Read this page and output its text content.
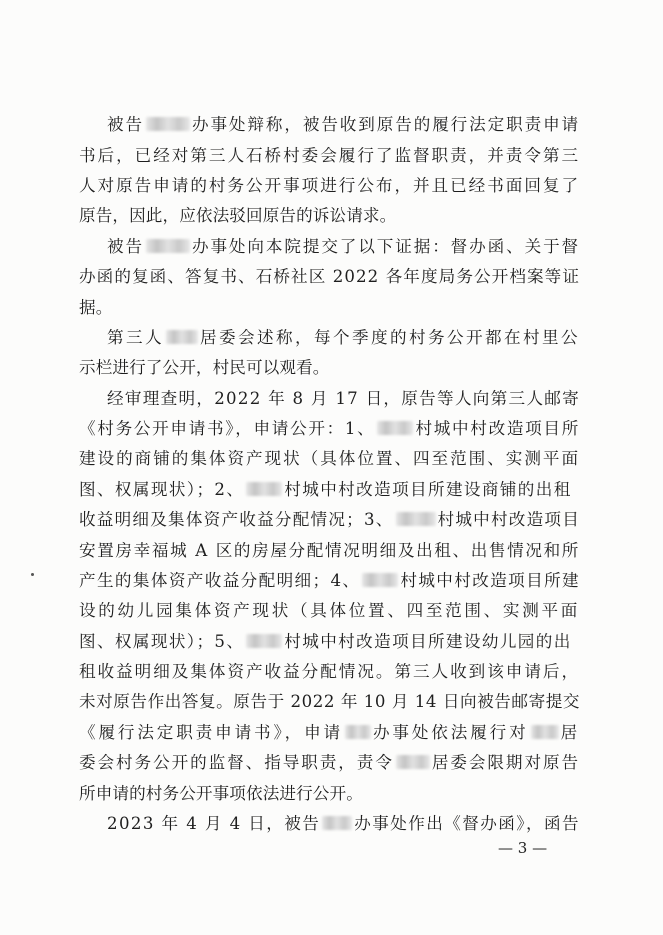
被告	办事处辩称，被告收到原告的履行法定职责申请
书后，已经对第三人石桥村委会履行了监督职责，并责令第三
人对原告申请的村务公开事项进行公布，并且已经书面回复了
原告，因此，应依法驳回原告的诉讼请求。
被告	办事处向本院提交了以下证据：督办函、关于督
办函的复函、答复书、石桥社区 2022 各年度局务公开档案等证
据。
第三人 居委会述称，每个季度的村务公开都在村里公
示栏进行了公开，村民可以观看。
经审理查明，2022 年 8 月 17 日，原告等人向第三人邮寄
《村务公开申请书》，申请公开：1、 村城中村改造项目所
建设的商铺的集体资产现状（具体位置、四至范围、实测平面
图、权属现状）；2、 村城中村改造项目所建设商铺的出租
收益明细及集体资产收益分配情况；3、	村城中村改造项目
安置房幸福城 A 区的房屋分配情况明细及出租、出售情况和所
产生的集体资产收益分配明细；4、 村城中村改造项目所建
设的幼儿园集体资产现状（具体位置、四至范围、实测平面
图、权属现状）；5、 村城中村改造项目所建设幼儿园的出
租收益明细及集体资产收益分配情况。第三人收到该申请后，
未对原告作出答复。原告于 2022 年 10 月 14 日向被告邮寄提交
《履行法定职责申请书》，申请 办事处依法履行对 居
委会村务公开的监督、指导职责，责令 居委会限期对原告
所申请的村务公开事项依法进行公开。
2023 年 4 月 4 日，被告 办事处作出《督办函》，函告
— 3 —
